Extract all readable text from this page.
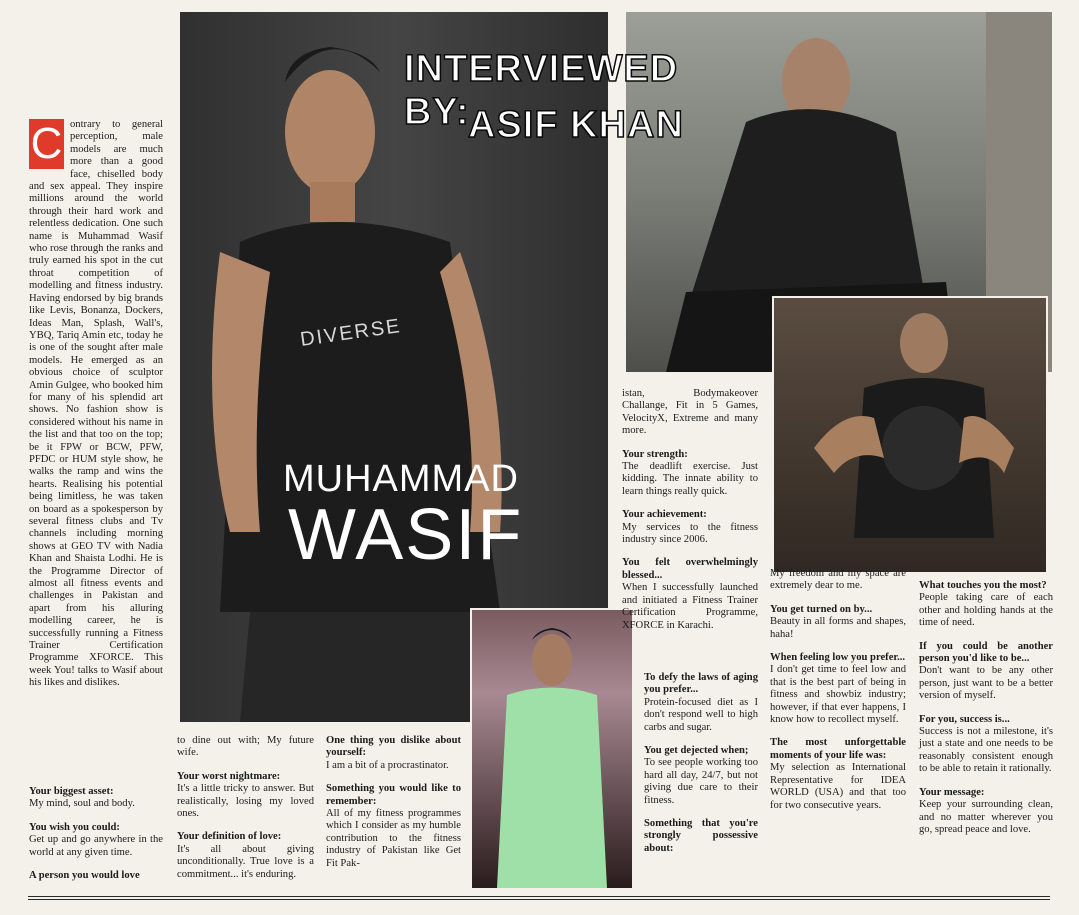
DIVERSE
INTERVIEWED BY:
ASIF KHAN
MUHAMMAD
WASIF
C ontrary to general perception, male models are much more than a good face, chiselled body and sex appeal. They inspire millions around the world through their hard work and relentless dedication. One such name is Muhammad Wasif who rose through the ranks and truly earned his spot in the cut throat competition of modelling and fitness industry. Having endorsed by big brands like Levis, Bonanza, Dockers, Ideas Man, Splash, Wall's, YBQ, Tariq Amin etc, today he is one of the sought after male models. He emerged as an obvious choice of sculptor Amin Gulgee, who booked him for many of his splendid art shows. No fashion show is considered without his name in the list and that too on the top; be it FPW or BCW, PFW, PFDC or HUM style show, he walks the ramp and wins the hearts. Realising his potential being limitless, he was taken on board as a spokesperson by several fitness clubs and Tv channels including morning shows at GEO TV with Nadia Khan and Shaista Lodhi. He is the Programme Director of almost all fitness events and challenges in Pakistan and apart from his alluring modelling career, he is successfully running a Fitness Trainer Certification Programme XFORCE. This week You! talks to Wasif about his likes and dislikes.
Your biggest asset:
My mind, soul and body.
You wish you could:
Get up and go anywhere in the world at any given time.
A person you would love
to dine out with; My future wife.
Your worst nightmare:
It's a little tricky to answer. But realistically, losing my loved ones.
Your definition of love:
It's all about giving unconditionally. True love is a commitment... it's enduring.
One thing you dislike about yourself:
I am a bit of a procrastinator.
Something you would like to remember:
All of my fitness programmes which I consider as my humble contribution to the fitness industry of Pakistan like Get Fit Pak-
istan, Bodymakeover Challange, Fit in 5 Games, VelocityX, Extreme and many more.
Your strength:
The deadlift exercise. Just kidding. The innate ability to learn things really quick.
Your achievement:
My services to the fitness industry since 2006.
You felt overwhelmingly blessed...
When I successfully launched and initiated a Fitness Trainer Certification Programme, XFORCE in Karachi.
To defy the laws of aging you prefer...
Protein-focused diet as I don't respond well to high carbs and sugar.
You get dejected when;
To see people working too hard all day, 24/7, but not giving due care to their fitness.
Something that you're strongly possessive about:
My freedom and my space are extremely dear to me.
You get turned on by...
Beauty in all forms and shapes, haha!
When feeling low you prefer...
I don't get time to feel low and that is the best part of being in fitness and showbiz industry; however, if that ever happens, I know how to recollect myself.
The most unforgettable moments of your life was:
My selection as International Representative for IDEA WORLD (USA) and that too for two consecutive years.
What touches you the most?
People taking care of each other and holding hands at the time of need.
If you could be another person you'd like to be...
Don't want to be any other person, just want to be a better version of myself.
For you, success is...
Success is not a milestone, it's just a state and one needs to be reasonably consistent enough to be able to retain it rationally.
Your message:
Keep your surrounding clean, and no matter wherever you go, spread peace and love.
